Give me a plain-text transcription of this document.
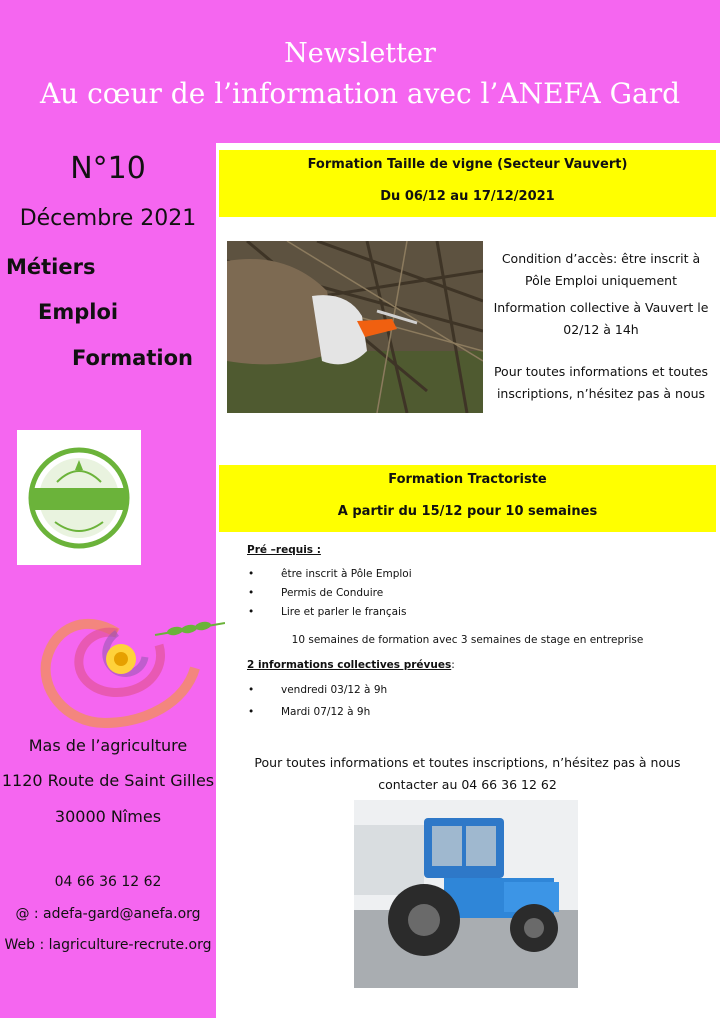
Newsletter
Au cœur de l’information avec l’ANEFA Gard
N°10
Décembre 2021
Métiers
Emploi
Formation
Mas de l’agriculture
1120 Route de Saint Gilles
30000 Nîmes
04 66 36 12 62
@ : adefa-gard@anefa.org
Web : lagriculture-recrute.org
Formation Taille de vigne (Secteur Vauvert)
Du 06/12 au 17/12/2021
Condition d’accès: être inscrit à Pôle Emploi uniquement
Information collective à Vauvert le 02/12 à 14h
Pour toutes informations et toutes inscriptions, n’hésitez pas à nous
Formation Tractoriste
A partir du 15/12 pour 10 semaines
Pré –requis :
•	être inscrit à Pôle Emploi
•	Permis de Conduire
•	Lire et parler le français
10 semaines de formation avec 3 semaines de stage en entreprise
2 informations collectives prévues:
•	vendredi 03/12 à 9h
•	Mardi 07/12 à 9h
Pour toutes informations et toutes inscriptions, n’hésitez pas à nous
contacter au 04 66 36 12 62
